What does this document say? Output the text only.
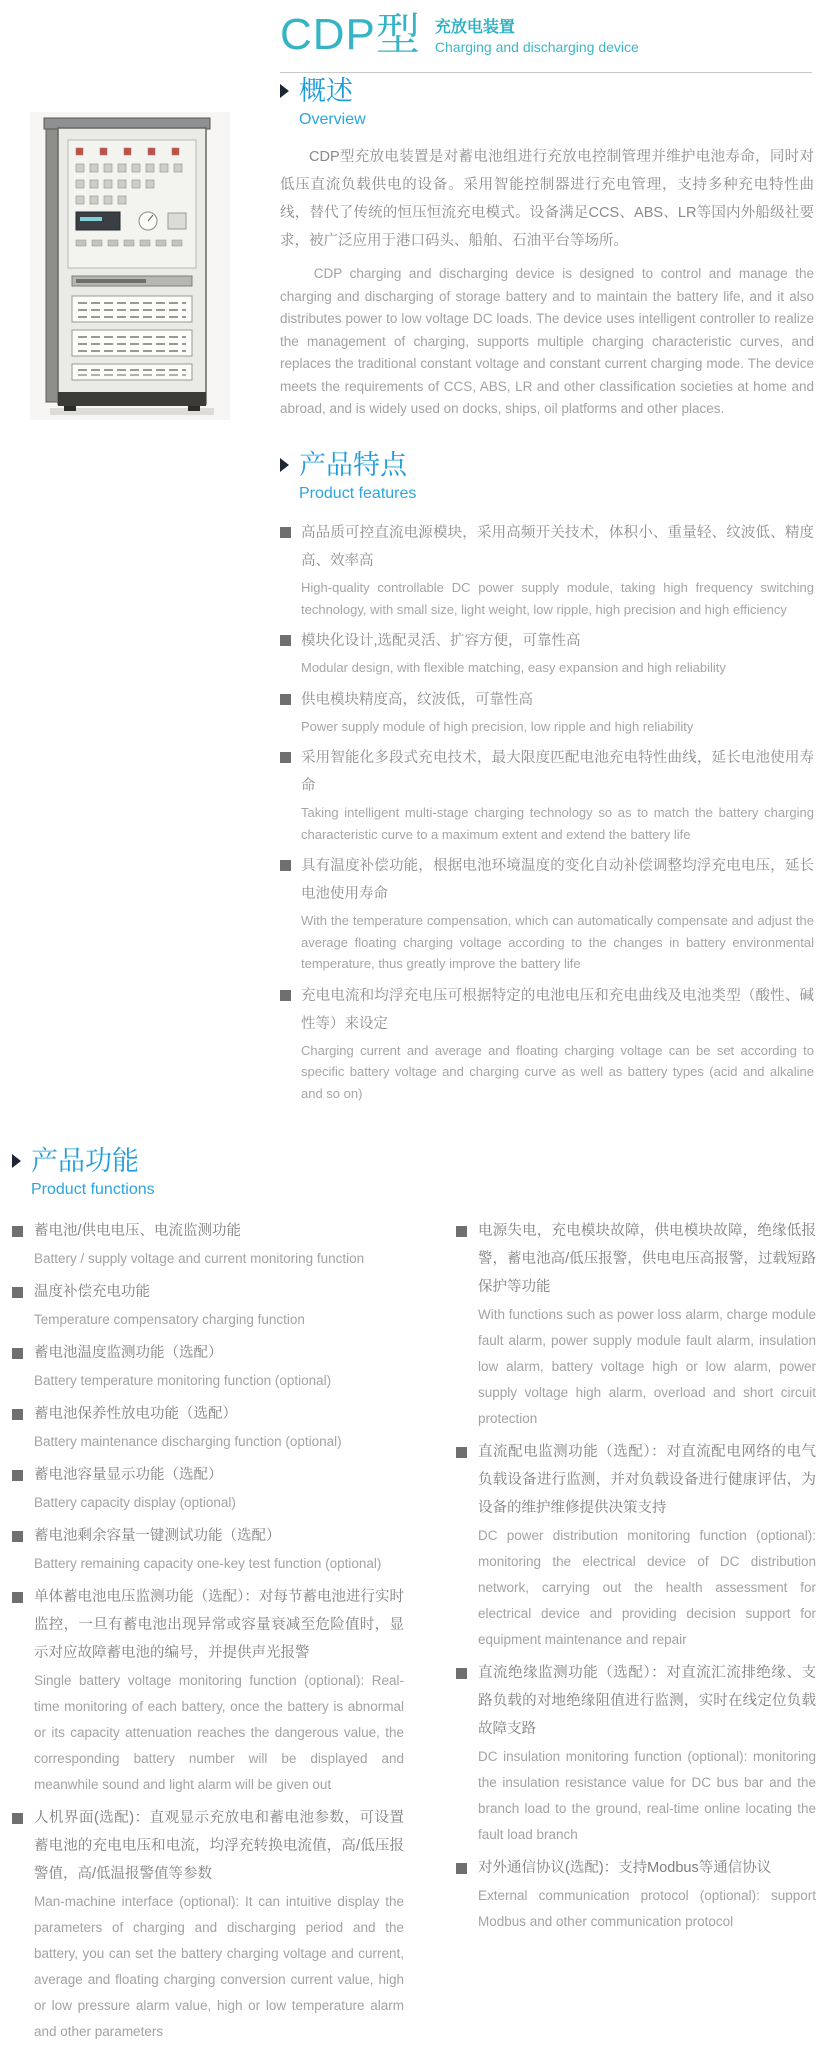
CDP型 充放电装置
Charging and discharging device
概述
Overview

CDP型充放电装置是对蓄电池组进行充放电控制管理并维护电池寿命，同时对低压直流负载供电的设备。采用智能控制器进行充电管理，支持多种充电特性曲线，替代了传统的恒压恒流充电模式。设备满足CCS、ABS、LR等国内外船级社要求，被广泛应用于港口码头、船舶、石油平台等场所。

CDP charging and discharging device is designed to control and manage the charging and discharging of storage battery and to maintain the battery life, and it also distributes power to low voltage DC loads. The device uses intelligent controller to realize the management of charging, supports multiple charging characteristic curves, and replaces the traditional constant voltage and constant current charging mode. The device meets the requirements of CCS, ABS, LR and other classification societies at home and abroad, and is widely used on docks, ships, oil platforms and other places.

产品特点
Product features
高品质可控直流电源模块，采用高频开关技术，体积小、重量轻、纹波低、精度高、效率高
High-quality controllable DC power supply module, taking high frequency switching technology, with small size, light weight, low ripple, high precision and high efficiency
模块化设计,选配灵活、扩容方便，可靠性高
Modular design, with flexible matching, easy expansion and high reliability
供电模块精度高，纹波低，可靠性高
Power supply module of high precision, low ripple and high reliability
采用智能化多段式充电技术，最大限度匹配电池充电特性曲线，延长电池使用寿命
Taking intelligent multi-stage charging technology so as to match the battery charging characteristic curve to a maximum extent and extend the battery life
具有温度补偿功能，根据电池环境温度的变化自动补偿调整均浮充电电压，延长电池使用寿命
With the temperature compensation, which can automatically compensate and adjust the average floating charging voltage according to the changes in battery environmental temperature, thus greatly improve the battery life
充电电流和均浮充电压可根据特定的电池电压和充电曲线及电池类型（酸性、碱性等）来设定
Charging current and average and floating charging voltage can be set according to specific battery voltage and charging curve as well as battery types (acid and alkaline and so on)
产品功能
Product functions
蓄电池/供电电压、电流监测功能
Battery / supply voltage and current monitoring function
温度补偿充电功能
Temperature compensatory charging function
蓄电池温度监测功能（选配）
Battery temperature monitoring function (optional)
蓄电池保养性放电功能（选配）
Battery maintenance discharging function (optional)
蓄电池容量显示功能（选配）
Battery capacity display (optional)
蓄电池剩余容量一键测试功能（选配）
Battery remaining capacity one-key test function (optional)
单体蓄电池电压监测功能（选配）：对每节蓄电池进行实时监控，一旦有蓄电池出现异常或容量衰减至危险值时，显示对应故障蓄电池的编号，并提供声光报警
Single battery voltage monitoring function (optional): Real-time monitoring of each battery, once the battery is abnormal or its capacity attenuation reaches the dangerous value, the corresponding battery number will be displayed and meanwhile sound and light alarm will be given out
人机界面(选配)：直观显示充放电和蓄电池参数，可设置蓄电池的充电电压和电流，均浮充转换电流值，高/低压报警值，高/低温报警值等参数
Man-machine interface (optional): It can intuitive display the parameters of charging and discharging period and the battery, you can set the battery charging voltage and current, average and floating charging conversion current value, high or low pressure alarm value, high or low temperature alarm and other parameters
电源失电，充电模块故障，供电模块故障，绝缘低报警，蓄电池高/低压报警，供电电压高报警，过载短路保护等功能
With functions such as power loss alarm, charge module fault alarm, power supply module fault alarm, insulation low alarm, battery voltage high or low alarm, power supply voltage high alarm, overload and short circuit protection
直流配电监测功能（选配）：对直流配电网络的电气负载设备进行监测，并对负载设备进行健康评估，为设备的维护维修提供决策支持
DC power distribution monitoring function (optional): monitoring the electrical device of DC distribution network, carrying out the health assessment for electrical device and providing decision support for equipment maintenance and repair
直流绝缘监测功能（选配）：对直流汇流排绝缘、支路负载的对地绝缘阻值进行监测，实时在线定位负载故障支路
DC insulation monitoring function (optional): monitoring the insulation resistance value for DC bus bar and the branch load to the ground, real-time online locating the fault load branch
对外通信协议(选配)：支持Modbus等通信协议
External communication protocol (optional): support Modbus and other communication protocol
